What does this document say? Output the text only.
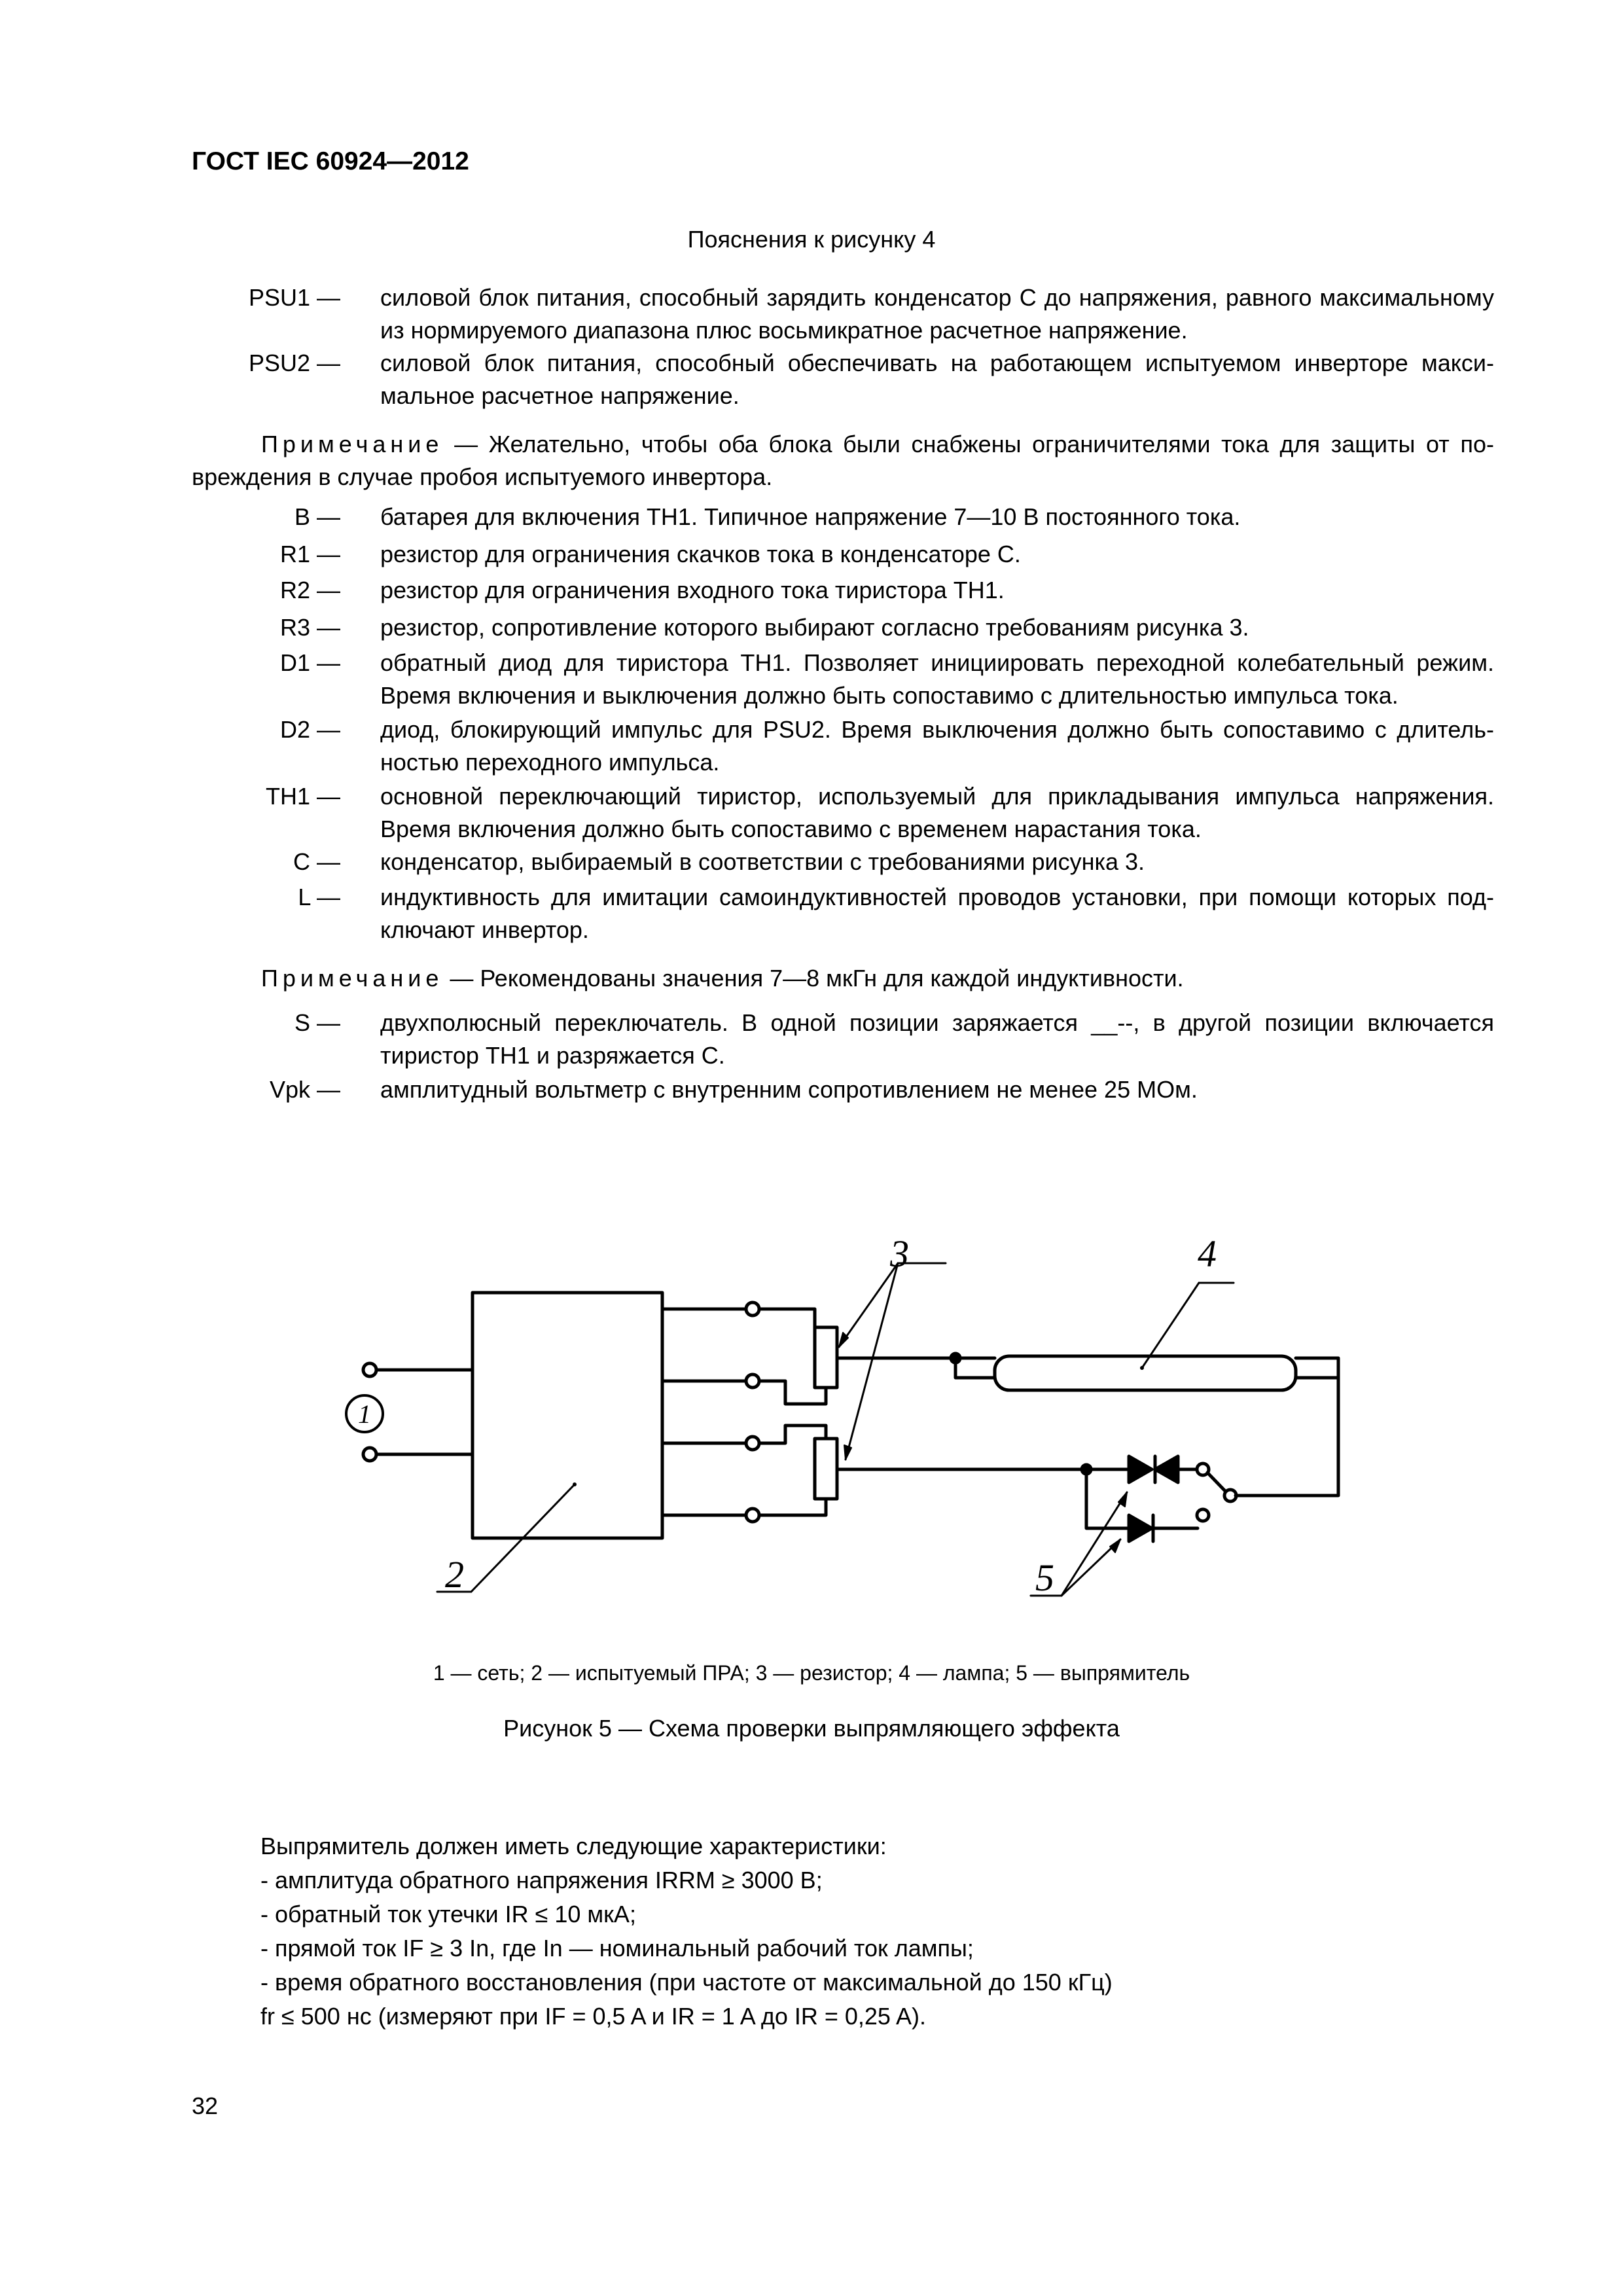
ГОСТ IEC 60924—2012
Пояснения к рисунку 4
PSU1 — силовой блок питания, способный зарядить конденсатор C до напряжения, равного максимальному из нормируемого диапазона плюс восьмикратное расчетное напряжение.
PSU2 — силовой блок питания, способный обеспечивать на работающем испытуемом инверторе максимальное расчетное напряжение.
Примечание — Желательно, чтобы оба блока были снабжены ограничителями тока для защиты от повреждения в случае пробоя испытуемого инвертора.
B — батарея для включения TH1. Типичное напряжение 7—10 В постоянного тока.
R1 — резистор для ограничения скачков тока в конденсаторе C.
R2 — резистор для ограничения входного тока тиристора TH1.
R3 — резистор, сопротивление которого выбирают согласно требованиям рисунка 3.
D1 — обратный диод для тиристора TH1. Позволяет инициировать переходной колебательный режим. Время включения и выключения должно быть сопоставимо с длительностью импульса тока.
D2 — диод, блокирующий импульс для PSU2. Время выключения должно быть сопоставимо с длительностью переходного импульса.
TH1 — основной переключающий тиристор, используемый для прикладывания импульса напряжения. Время включения должно быть сопоставимо с временем нарастания тока.
C — конденсатор, выбираемый в соответствии с требованиями рисунка 3.
L — индуктивность для имитации самоиндуктивностей проводов установки, при помощи которых подключают инвертор.
Примечание — Рекомендованы значения 7—8 мкГн для каждой индуктивности.
S — двухполюсный переключатель. В одной позиции заряжается __--, в другой позиции включается тиристор TH1 и разряжается C.
Vpk — амплитудный вольтметр с внутренним сопротивлением не менее 25 МОм.
1
2
3	4
5
1 — сеть; 2 — испытуемый ПРА; 3 — резистор; 4 — лампа; 5 — выпрямитель
Рисунок 5 — Схема проверки выпрямляющего эффекта
Выпрямитель должен иметь следующие характеристики:
- амплитуда обратного напряжения IRRM ≥ 3000 В;
- обратный ток утечки IR ≤ 10 мкА;
- прямой ток IF ≥ 3 In, где In — номинальный рабочий ток лампы;
- время обратного восстановления (при частоте от максимальной до 150 кГц)
fr ≤ 500 нс (измеряют при IF = 0,5 A и IR = 1 A до IR = 0,25 A).
32
